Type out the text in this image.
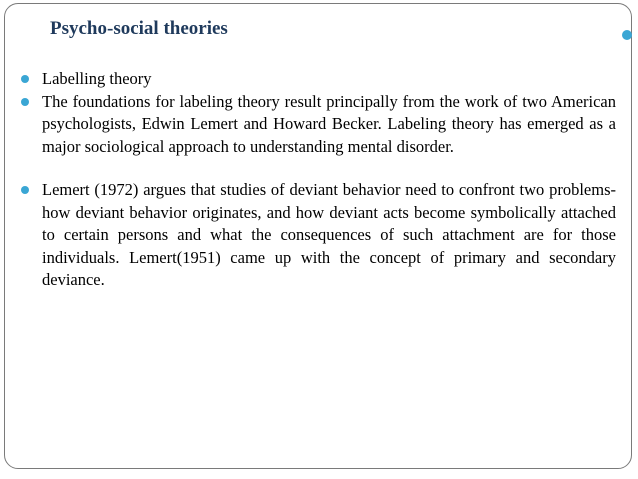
Psycho-social theories
Labelling theory
The foundations for labeling theory result principally from the work of two American psychologists, Edwin Lemert and Howard Becker. Labeling theory has emerged as a major sociological approach to understanding mental disorder.
Lemert (1972) argues that studies of deviant behavior need to confront two problems- how deviant behavior originates, and how deviant acts become symbolically attached to certain persons and what the consequences of such attachment are for those individuals. Lemert(1951) came up with the concept of primary and secondary deviance.
